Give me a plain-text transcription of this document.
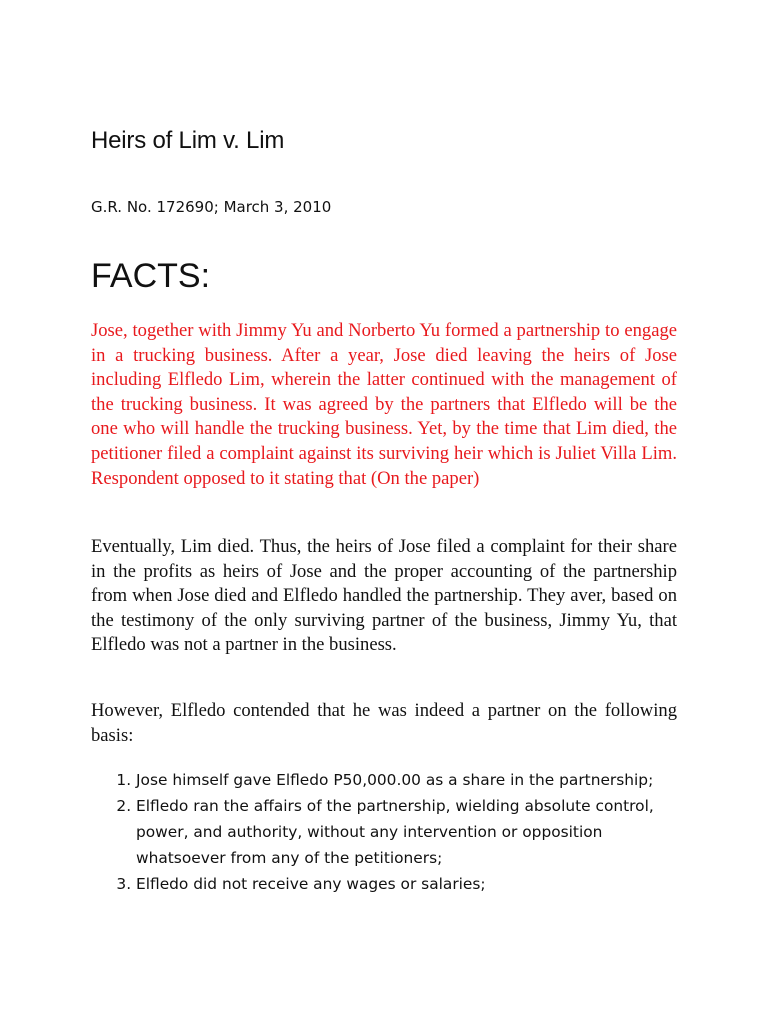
Heirs of Lim v. Lim
G.R. No. 172690; March 3, 2010
FACTS:

Jose, together with Jimmy Yu and Norberto Yu formed a partnership to engage in a trucking business. After a year, Jose died leaving the heirs of Jose including Elfledo Lim, wherein the latter continued with the management of the trucking business. It was agreed by the partners that Elfledo will be the one who will handle the trucking business. Yet, by the time that Lim died, the petitioner filed a complaint against its surviving heir which is Juliet Villa Lim. Respondent opposed to it stating that (On the paper)

Eventually, Lim died. Thus, the heirs of Jose filed a complaint for their share in the profits as heirs of Jose and the proper accounting of the partnership from when Jose died and Elfledo handled the partnership. They aver, based on the testimony of the only surviving partner of the business, Jimmy Yu, that Elfledo was not a partner in the business.

However, Elfledo contended that he was indeed a partner on the following basis:

1. Jose himself gave Elfledo P50,000.00 as a share in the partnership;
2. Elfledo ran the affairs of the partnership, wielding absolute control, power, and authority, without any intervention or opposition whatsoever from any of the petitioners;
3. Elfledo did not receive any wages or salaries;
